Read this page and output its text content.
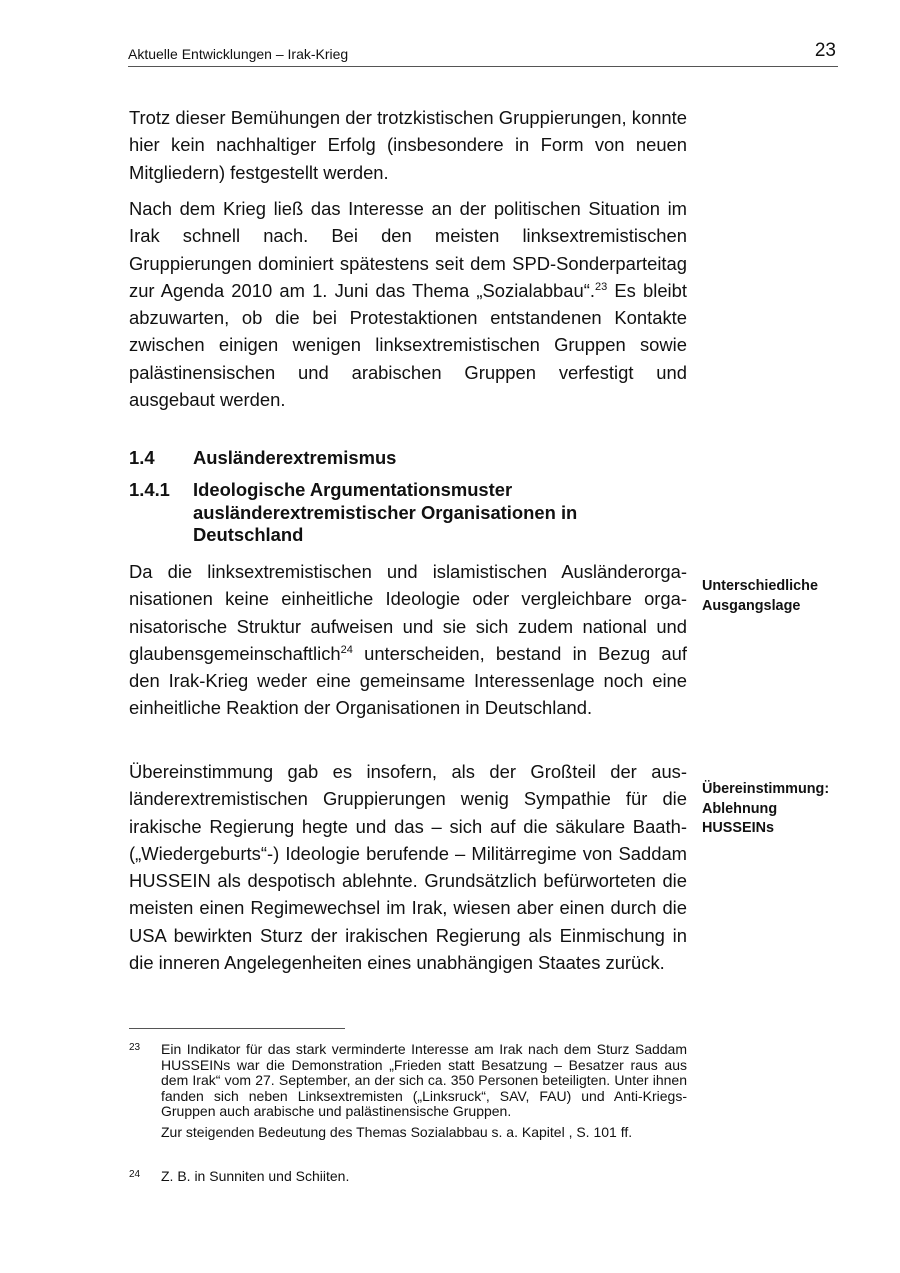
Aktuelle Entwicklungen – Irak-Krieg	23
Trotz dieser Bemühungen der trotzkistischen Gruppierungen, konnte hier kein nachhaltiger Erfolg (insbesondere in Form von neuen Mitgliedern) festgestellt werden.
Nach dem Krieg ließ das Interesse an der politischen Situation im Irak schnell nach. Bei den meisten linksextremistischen Gruppierungen dominiert spätestens seit dem SPD-Sonderparteitag zur Agenda 2010 am 1. Juni das Thema „Sozialabbau“.$^{23}$ Es bleibt abzuwarten, ob die bei Protestaktionen entstandenen Kontakte zwischen einigen wenigen linksextremistischen Gruppen sowie palästinensischen und arabischen Gruppen verfestigt und ausgebaut werden.
1.4 Ausländerextremismus
1.4.1 Ideologische Argumentationsmuster
ausländerextremistischer Organisationen in
Deutschland
Da die linksextremistischen und islamistischen Ausländerorganisationen keine einheitliche Ideologie oder vergleichbare organisatorische Struktur aufweisen und sie sich zudem national und glaubensgemeinschaftlich$^{24}$ unterscheiden, bestand in Bezug auf den Irak-Krieg weder eine gemeinsame Interessenlage noch eine einheitliche Reaktion der Organisationen in Deutschland.
Übereinstimmung gab es insofern, als der Großteil der ausländerextremistischen Gruppierungen wenig Sympathie für die irakische Regierung hegte und das – sich auf die säkulare Baath-(„Wiedergeburts“-) Ideologie berufende – Militärregime von Saddam HUSSEIN als despotisch ablehnte. Grundsätzlich befürworteten die meisten einen Regimewechsel im Irak, wiesen aber einen durch die USA bewirkten Sturz der irakischen Regierung als Einmischung in die inneren Angelegenheiten eines unabhängigen Staates zurück.
Unterschiedliche
Ausgangslage
Übereinstimmung:
Ablehnung
HUSSEINs
23 Ein Indikator für das stark verminderte Interesse am Irak nach dem Sturz Saddam HUSSEINs war die Demonstration „Frieden statt Besatzung – Besatzer raus aus dem Irak“ vom 27. September, an der sich ca. 350 Personen beteiligten. Unter ihnen fanden sich neben Linksextremisten („Linksruck“, SAV, FAU) und Anti-Kriegs-Gruppen auch arabische und palästinensische Gruppen.
Zur steigenden Bedeutung des Themas Sozialabbau s. a. Kapitel , S. 101 ff.
24 Z. B. in Sunniten und Schiiten.
